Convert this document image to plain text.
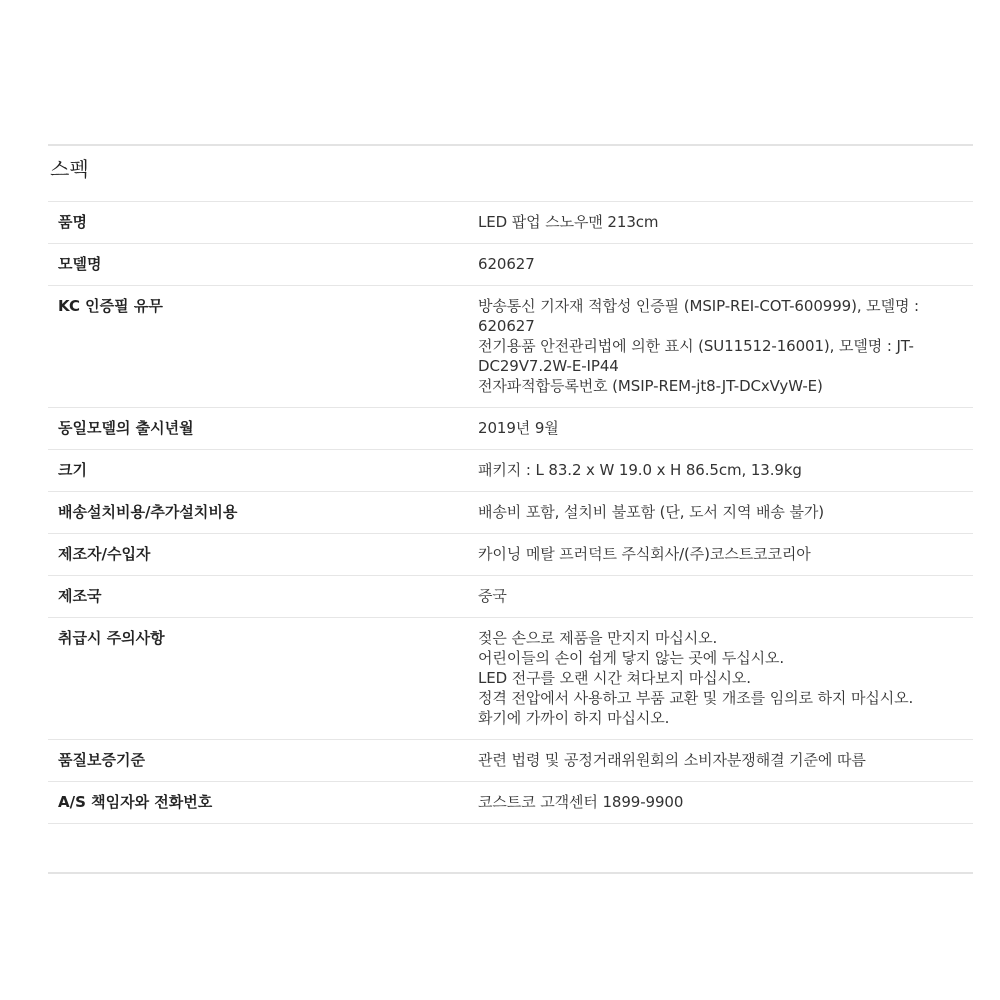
스펙
품명	LED 팝업 스노우맨 213cm

모델명	620627

KC 인증필 유무	방송통신 기자재 적합성 인증필 (MSIP-REI-COT-600999), 모델명 :
620627
전기용품 안전관리법에 의한 표시 (SU11512-16001), 모델명 : JT-
DC29V7.2W-E-IP44
전자파적합등록번호 (MSIP-REM-jt8-JT-DCxVyW-E)

동일모델의 출시년월	2019년 9월

크기	패키지 : L 83.2 x W 19.0 x H 86.5cm, 13.9kg

배송설치비용/추가설치비용	배송비 포함, 설치비 불포함 (단, 도서 지역 배송 불가)

제조자/수입자	카이닝 메탈 프러덕트 주식회사/(주)코스트코코리아

제조국	중국

취급시 주의사항	젖은 손으로 제품을 만지지 마십시오.
어린이들의 손이 쉽게 닿지 않는 곳에 두십시오.
LED 전구를 오랜 시간 쳐다보지 마십시오.
정격 전압에서 사용하고 부품 교환 및 개조를 임의로 하지 마십시오.
화기에 가까이 하지 마십시오.

품질보증기준	관련 법령 및 공정거래위원회의 소비자분쟁해결 기준에 따름

A/S 책임자와 전화번호	코스트코 고객센터 1899-9900
